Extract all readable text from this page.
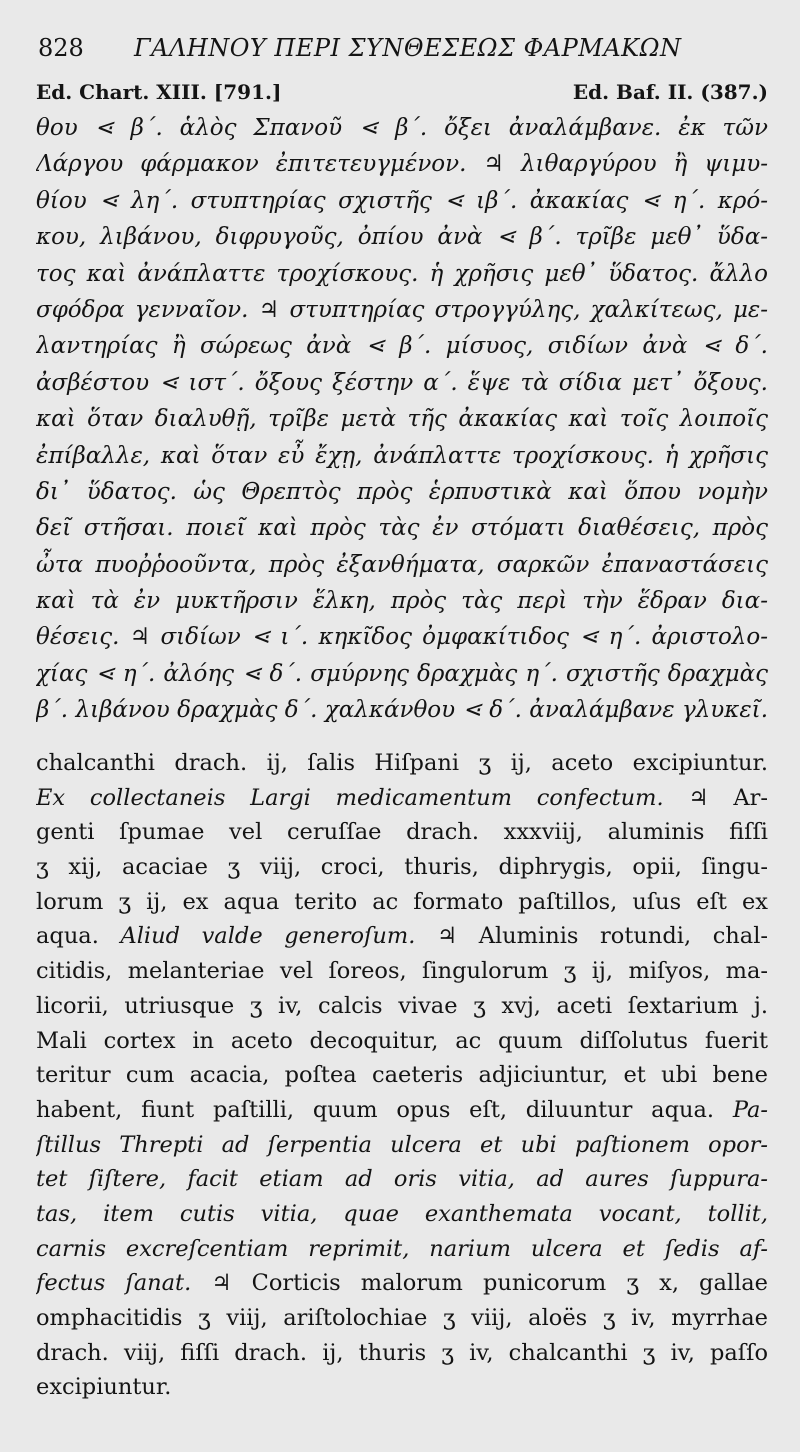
828 ΓΑΛΗΝΟΥ ΠΕΡΙ ΣΥΝΘΕΣΕΩΣ ΦΑΡΜΑΚΩΝ
Ed. Chart. XIII. [791.]	Ed. Baf. II. (387.)
θου ⋖ β΄. ἁλὸς Σπανοῦ ⋖ β΄. ὄξει ἀναλάμβανε. ἐκ τῶν
Λάργου φάρμακον ἐπιτετευγμένον. ♃ λιθαργύρου ἢ ψιμυ-
θίου ⋖ λη΄. στυπτηρίας σχιστῆς ⋖ ιβ΄. ἀκακίας ⋖ η΄. κρό-
κου, λιβάνου, διφρυγοῦς, ὀπίου ἀνὰ ⋖ β΄. τρῖβε μεθ᾽ ὕδα-
τος καὶ ἀνάπλαττε τροχίσκους. ἡ χρῆσις μεθ᾽ ὕδατος. ἄλλο
σφόδρα γενναῖον. ♃ στυπτηρίας στρογγύλης, χαλκίτεως, με-
λαντηρίας ἢ σώρεως ἀνὰ ⋖ β΄. μίσυος, σιδίων ἀνὰ ⋖ δ΄.
ἀσβέστου ⋖ ιστ΄. ὄξους ξέστην α΄. ἕψε τὰ σίδια μετ᾽ ὄξους.
καὶ ὅταν διαλυθῇ, τρῖβε μετὰ τῆς ἀκακίας καὶ τοῖς λοιποῖς
ἐπίβαλλε, καὶ ὅταν εὖ ἔχῃ, ἀνάπλαττε τροχίσκους. ἡ χρῆσις
δι᾽ ὕδατος. ὡς Θρεπτὸς πρὸς ἑρπυστικὰ καὶ ὅπου νομὴν
δεῖ στῆσαι. ποιεῖ καὶ πρὸς τὰς ἐν στόματι διαθέσεις, πρὸς
ὦτα πυοῤῥοοῦντα, πρὸς ἐξανθήματα, σαρκῶν ἐπαναστάσεις
καὶ τὰ ἐν μυκτῆρσιν ἕλκη, πρὸς τὰς περὶ τὴν ἕδραν δια-
θέσεις. ♃ σιδίων ⋖ ι΄. κηκῖδος ὀμφακίτιδος ⋖ η΄. ἀριστολο-
χίας ⋖ η΄. ἀλόης ⋖ δ΄. σμύρνης δραχμὰς η΄. σχιστῆς δραχμὰς
β΄. λιβάνου δραχμὰς δ΄. χαλκάνθου ⋖ δ΄. ἀναλάμβανε γλυκεῖ.
chalcanthi drach. ij, ſalis Hiſpani ʒ ij, aceto excipiuntur.
Ex collectaneis Largi medicamentum confectum. ♃ Ar-
genti ſpumae vel ceruſſae drach. xxxviij, aluminis fiſſi
ʒ xij, acaciae ʒ viij, croci, thuris, diphrygis, opii, ſingu-
lorum ʒ ij, ex aqua terito ac formato paſtillos, uſus eſt ex
aqua. Aliud valde generoſum. ♃ Aluminis rotundi, chal-
citidis, melanteriae vel ſoreos, ſingulorum ʒ ij, miſyos, ma-
licorii, utriusque ʒ iv, calcis vivae ʒ xvj, aceti ſextarium j.
Mali cortex in aceto decoquitur, ac quum diſſolutus fuerit
teritur cum acacia, poſtea caeteris adjiciuntur, et ubi bene
habent, fiunt paſtilli, quum opus eſt, diluuntur aqua. Pa-
ſtillus Threpti ad ſerpentia ulcera et ubi paſtionem opor-
tet ſiſtere, facit etiam ad oris vitia, ad aures ſuppura-
tas, item cutis vitia, quae exanthemata vocant, tollit,
carnis excreſcentiam reprimit, narium ulcera et ſedis af-
fectus ſanat. ♃ Corticis malorum punicorum ʒ x, gallae
omphacitidis ʒ viij, ariſtolochiae ʒ viij, aloës ʒ iv, myrrhae
drach. viij, fiſſi drach. ij, thuris ʒ iv, chalcanthi ʒ iv, paſſo
excipiuntur.
